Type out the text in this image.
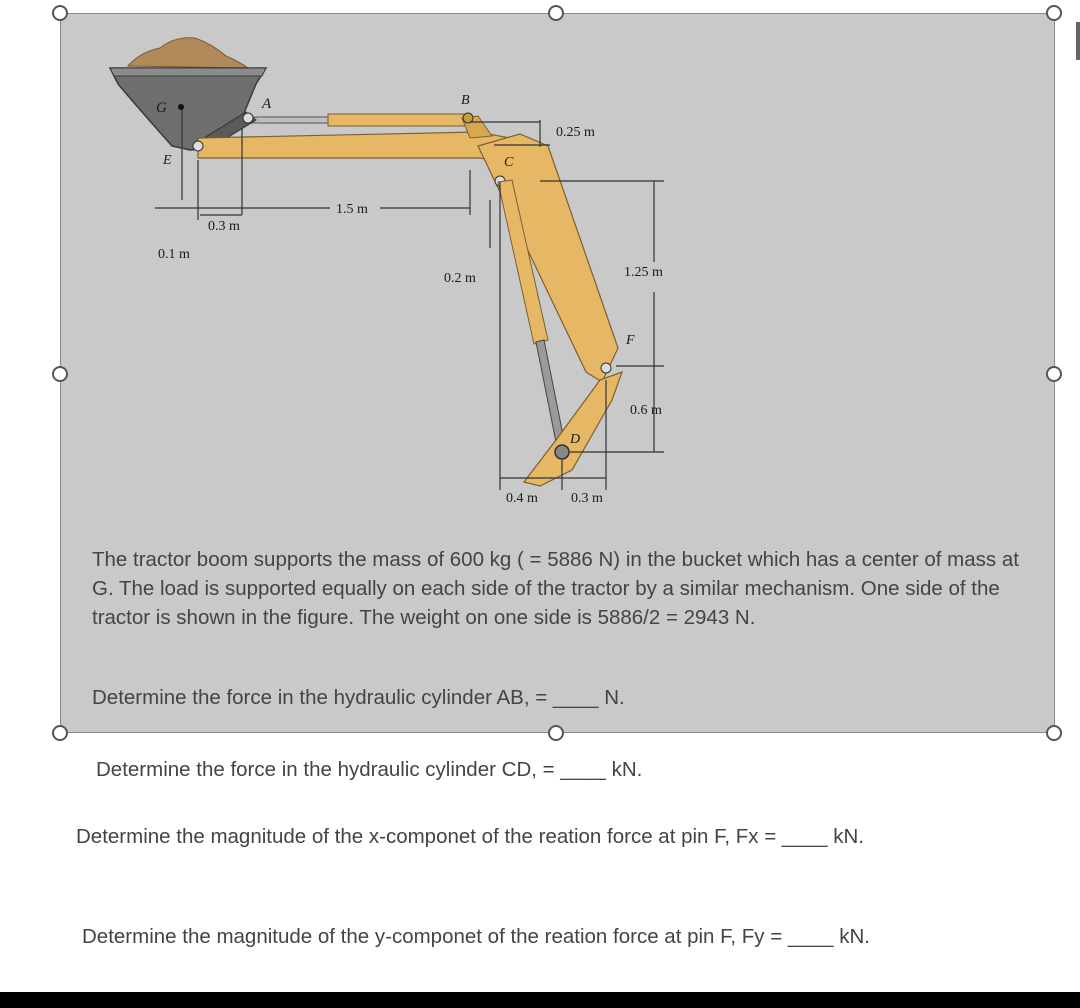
G	A	B
C
D
E
F
0.25 m
1.5 m
0.3 m
0.1 m
0.2 m	1.25 m
0.6 m
0.4 m 0.3 m

The tractor boom supports the mass of 600 kg ( = 5886 N) in the bucket which has a center of mass at G. The load is supported equally on each side of the tractor by a similar mechanism. One side of the tractor is shown in the figure. The weight on one side is 5886/2 = 2943 N.

Determine the force in the hydraulic cylinder AB, = ____ N.

Determine the force in the hydraulic cylinder CD, = ____ kN.

Determine the magnitude of the x-componet of the reation force at pin F, Fx = ____ kN.

Determine the magnitude of the y-componet of the reation force at pin F, Fy = ____ kN.
